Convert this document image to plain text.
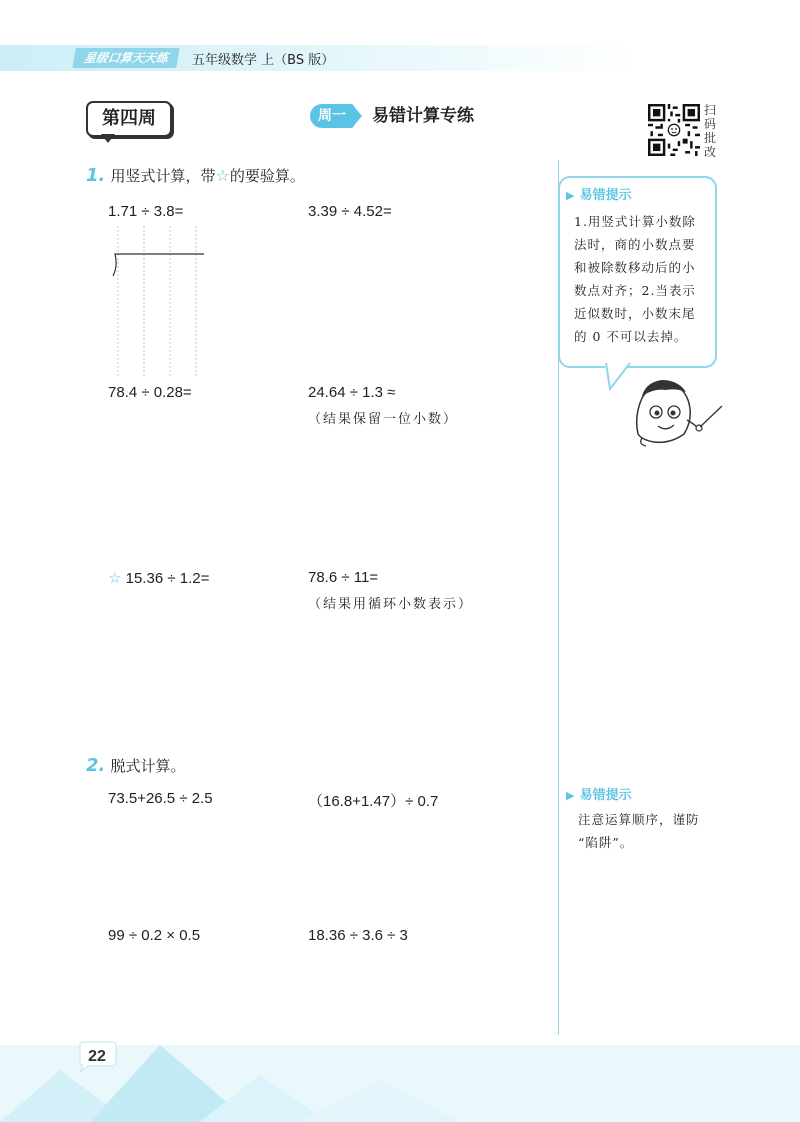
星级口算天天练	五年级数学 上（BS 版）
第四周	周一	易错计算专练	扫码批改
1. 用竖式计算，带☆的要验算。
1.71 ÷ 3.8=	3.39 ÷ 4.52=
78.4 ÷ 0.28=	24.64 ÷ 1.3 ≈
（结果保留一位小数）
☆ 15.36 ÷ 1.2=	78.6 ÷ 11=
（结果用循环小数表示）
2. 脱式计算。
73.5+26.5 ÷ 2.5	（16.8+1.47）÷ 0.7
99 ÷ 0.2 × 0.5	18.36 ÷ 3.6 ÷ 3
▶ 易错提示
1.用竖式计算小数除
法时，商的小数点要
和被除数移动后的小
数点对齐；2.当表示
近似数时，小数末尾
的 0 不可以去掉。
▶ 易错提示
注意运算顺序，谨防
“陷阱”。
22
